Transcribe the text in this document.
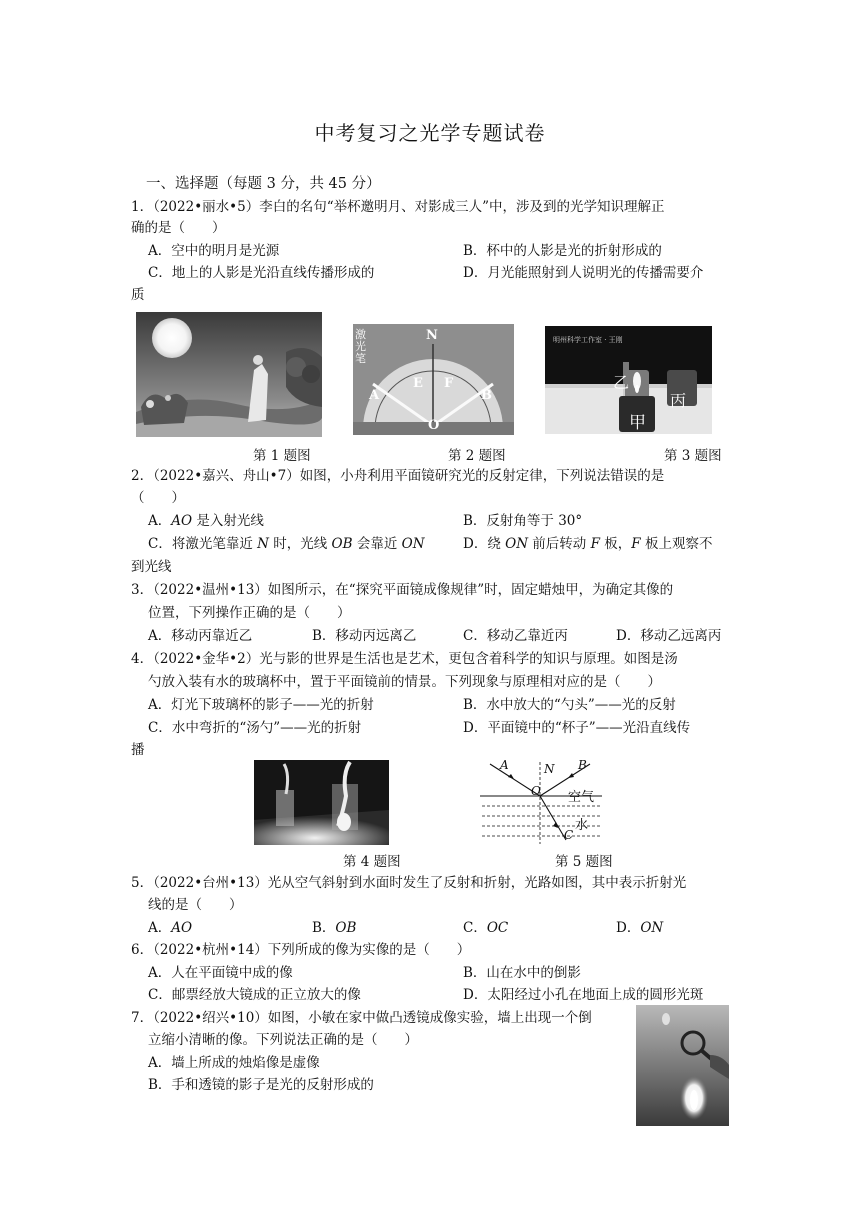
中考复习之光学专题试卷
一、选择题（每题 3 分，共 45 分）
1．（2022•丽水•5）李白的名句“举杯邀明月、对影成三人”中，涉及到的光学知识理解正
确的是（　　）
A．空中的明月是光源	B．杯中的人影是光的折射形成的
C．地上的人影是光沿直线传播形成的	D．月光能照射到人说明光的传播需要介
质
激光笔
N
A
E F
B
O
明州科学工作室 · 王刚
乙
甲
丙
第 1 题图	第 2 题图	第 3 题图
2．（2022•嘉兴、舟山•7）如图，小舟利用平面镜研究光的反射定律，下列说法错误的是
（　　）
A．AO 是入射光线	B．反射角等于 30°
C．将激光笔靠近 N 时，光线 OB 会靠近 ON	D．绕 ON 前后转动 F 板，F 板上观察不
到光线
3．（2022•温州•13）如图所示，在“探究平面镜成像规律”时，固定蜡烛甲，为确定其像的
位置，下列操作正确的是（　　）
A．移动丙靠近乙	B．移动丙远离乙	C．移动乙靠近丙	D．移动乙远离丙
4．（2022•金华•2）光与影的世界是生活也是艺术，更包含着科学的知识与原理。如图是汤
勺放入装有水的玻璃杯中，置于平面镜前的情景。下列现象与原理相对应的是（　　）
A．灯光下玻璃杯的影子——光的折射	B．水中放大的“勺头”——光的反射
C．水中弯折的“汤勺”——光的折射	D．平面镜中的“杯子”——光沿直线传
播
A	N B
O 空气
水
C
第 4 题图	第 5 题图
5．（2022•台州•13）光从空气斜射到水面时发生了反射和折射，光路如图，其中表示折射光
线的是（　　）
A．AO	B．OB	C．OC	D．ON
6．（2022•杭州•14）下列所成的像为实像的是（　　）
A．人在平面镜中成的像	B．山在水中的倒影
C．邮票经放大镜成的正立放大的像	D．太阳经过小孔在地面上成的圆形光斑
7．（2022•绍兴•10）如图，小敏在家中做凸透镜成像实验，墙上出现一个倒
立缩小清晰的像。下列说法正确的是（　　）
A．墙上所成的烛焰像是虚像
B．手和透镜的影子是光的反射形成的
